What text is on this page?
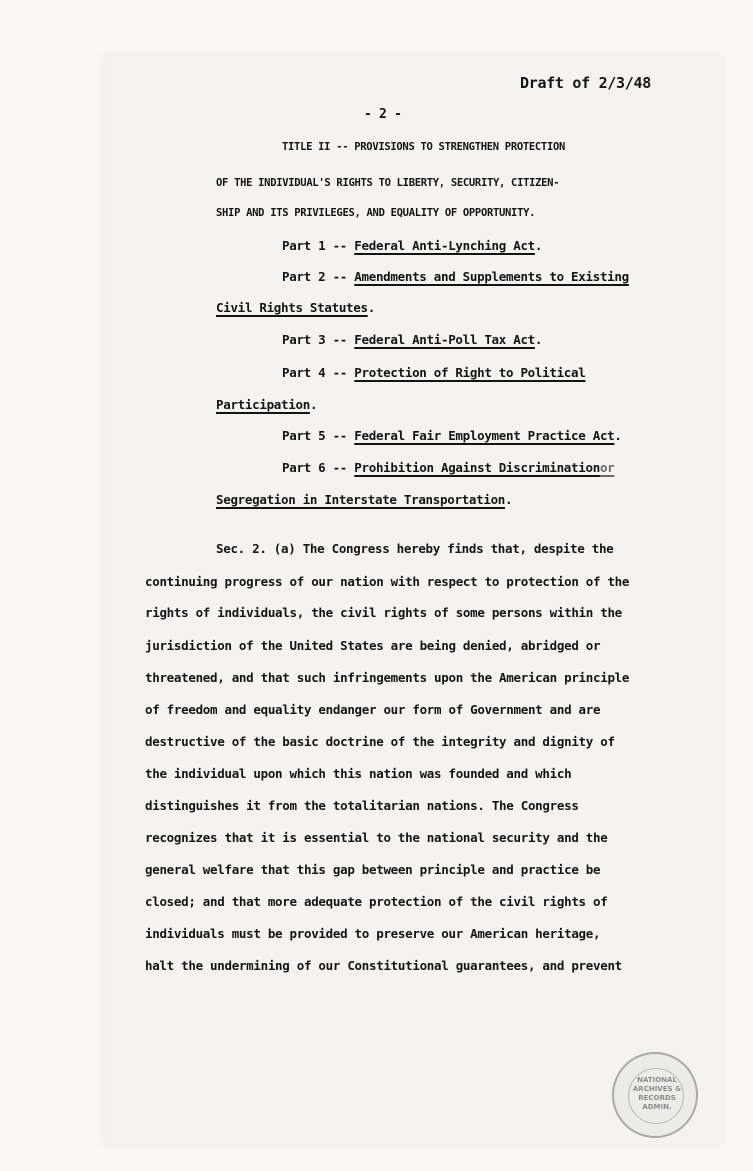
Draft of 2/3/48
- 2 -
TITLE II -- PROVISIONS TO STRENGTHEN PROTECTION
OF THE INDIVIDUAL'S RIGHTS TO LIBERTY, SECURITY, CITIZEN-
SHIP AND ITS PRIVILEGES, AND EQUALITY OF OPPORTUNITY.
Part 1 -- Federal Anti-Lynching Act.
Part 2 -- Amendments and Supplements to Existing
Civil Rights Statutes.
Part 3 -- Federal Anti-Poll Tax Act.
Part 4 -- Protection of Right to Political
Participation.
Part 5 -- Federal Fair Employment Practice Act.
Part 6 -- Prohibition Against Discriminationor
Segregation in Interstate Transportation.
Sec. 2. (a) The Congress hereby finds that, despite the
continuing progress of our nation with respect to protection of the
rights of individuals, the civil rights of some persons within the
jurisdiction of the United States are being denied, abridged or
threatened, and that such infringements upon the American principle
of freedom and equality endanger our form of Government and are
destructive of the basic doctrine of the integrity and dignity of
the individual upon which this nation was founded and which
distinguishes it from the totalitarian nations. The Congress
recognizes that it is essential to the national security and the
general welfare that this gap between principle and practice be
closed; and that more adequate protection of the civil rights of
individuals must be provided to preserve our American heritage,
halt the undermining of our Constitutional guarantees, and prevent
NATIONAL
ARCHIVES &
RECORDS
ADMIN.
